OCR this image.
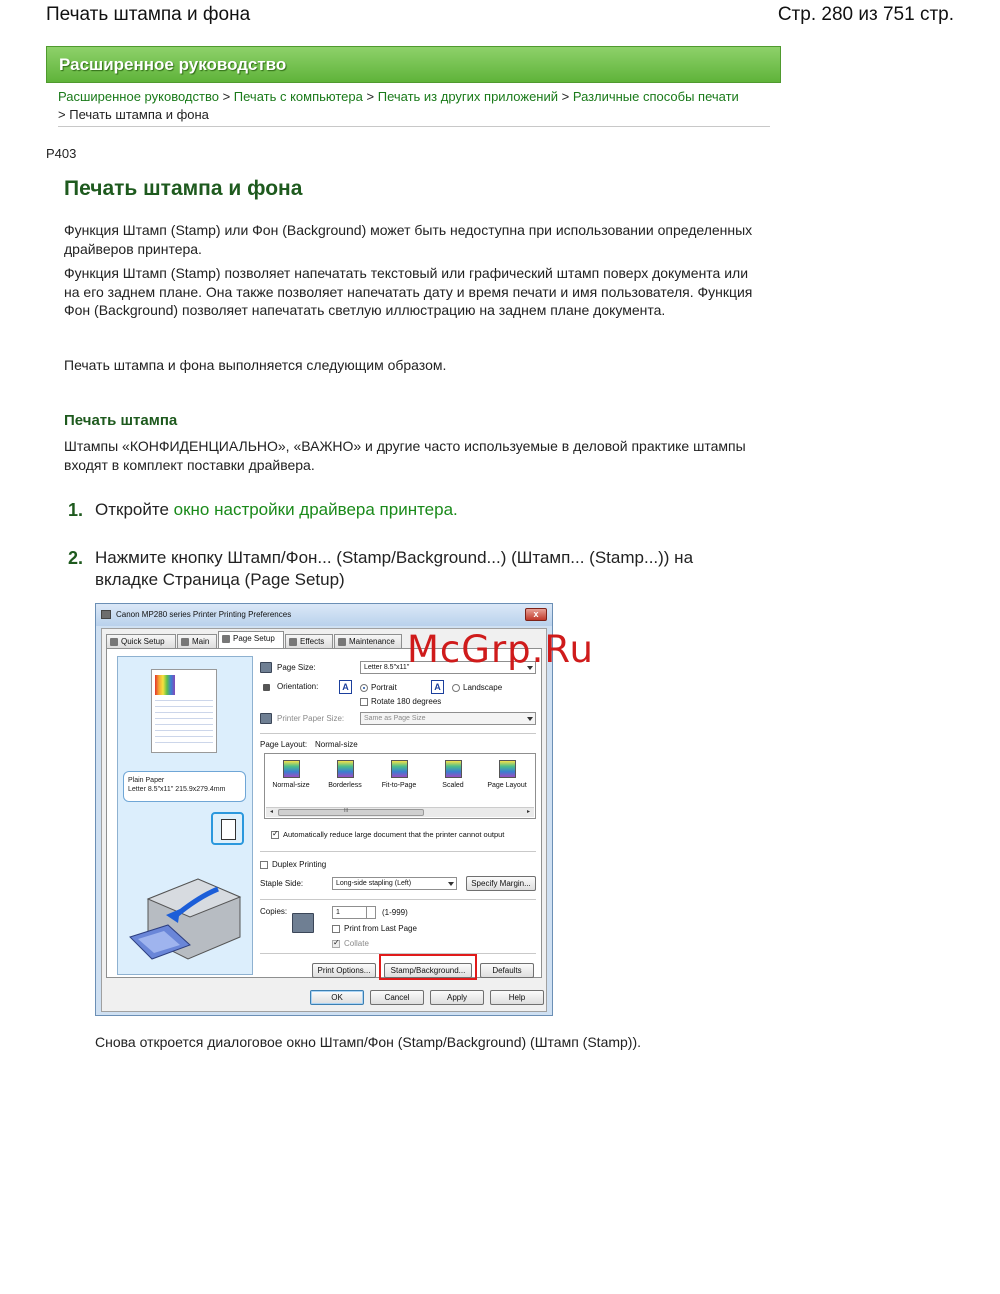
Печать штампа и фона	Стр. 280 из 751 стр.
Расширенное руководство
Расширенное руководство > Печать с компьютера > Печать из других приложений > Различные способы печати
> Печать штампа и фона
P403
Печать штампа и фона
Функция Штамп (Stamp) или Фон (Background) может быть недоступна при использовании определенных драйверов принтера.
Функция Штамп (Stamp) позволяет напечатать текстовый или графический штамп поверх документа или на его заднем плане. Она также позволяет напечатать дату и время печати и имя пользователя. Функция Фон (Background) позволяет напечатать светлую иллюстрацию на заднем плане документа.
Печать штампа и фона выполняется следующим образом.
Печать штампа
Штампы «КОНФИДЕНЦИАЛЬНО», «ВАЖНО» и другие часто используемые в деловой практике штампы входят в комплект поставки драйвера.
1. Откройте окно настройки драйвера принтера.
2. Нажмите кнопку Штамп/Фон... (Stamp/Background...) (Штамп... (Stamp...)) на вкладке Страница (Page Setup)
Canon MP280 series Printer Printing Preferences	x
Quick Setup	Main	Page Setup	Effects	Maintenance
Plain Paper
Letter 8.5"x11" 215.9x279.4mm
Page Size:	Letter 8.5"x11"
Orientation:	A	Portrait	A	Landscape
Rotate 180 degrees
Printer Paper Size:	Same as Page Size
Page Layout: Normal-size
Normal-size	Borderless	Fit-to-Page	Scaled	Page Layout
◂	III	▸
✓
Automatically reduce large document that the printer cannot output
Duplex Printing
Staple Side:	Long-side stapling (Left)	Specify Margin...
Copies:	1	(1-999)
Print from Last Page
✓
Collate
Print Options...	Stamp/Background...	Defaults
OK	Cancel	Apply	Help
McGrp.Ru
Снова откроется диалоговое окно Штамп/Фон (Stamp/Background) (Штамп (Stamp)).
